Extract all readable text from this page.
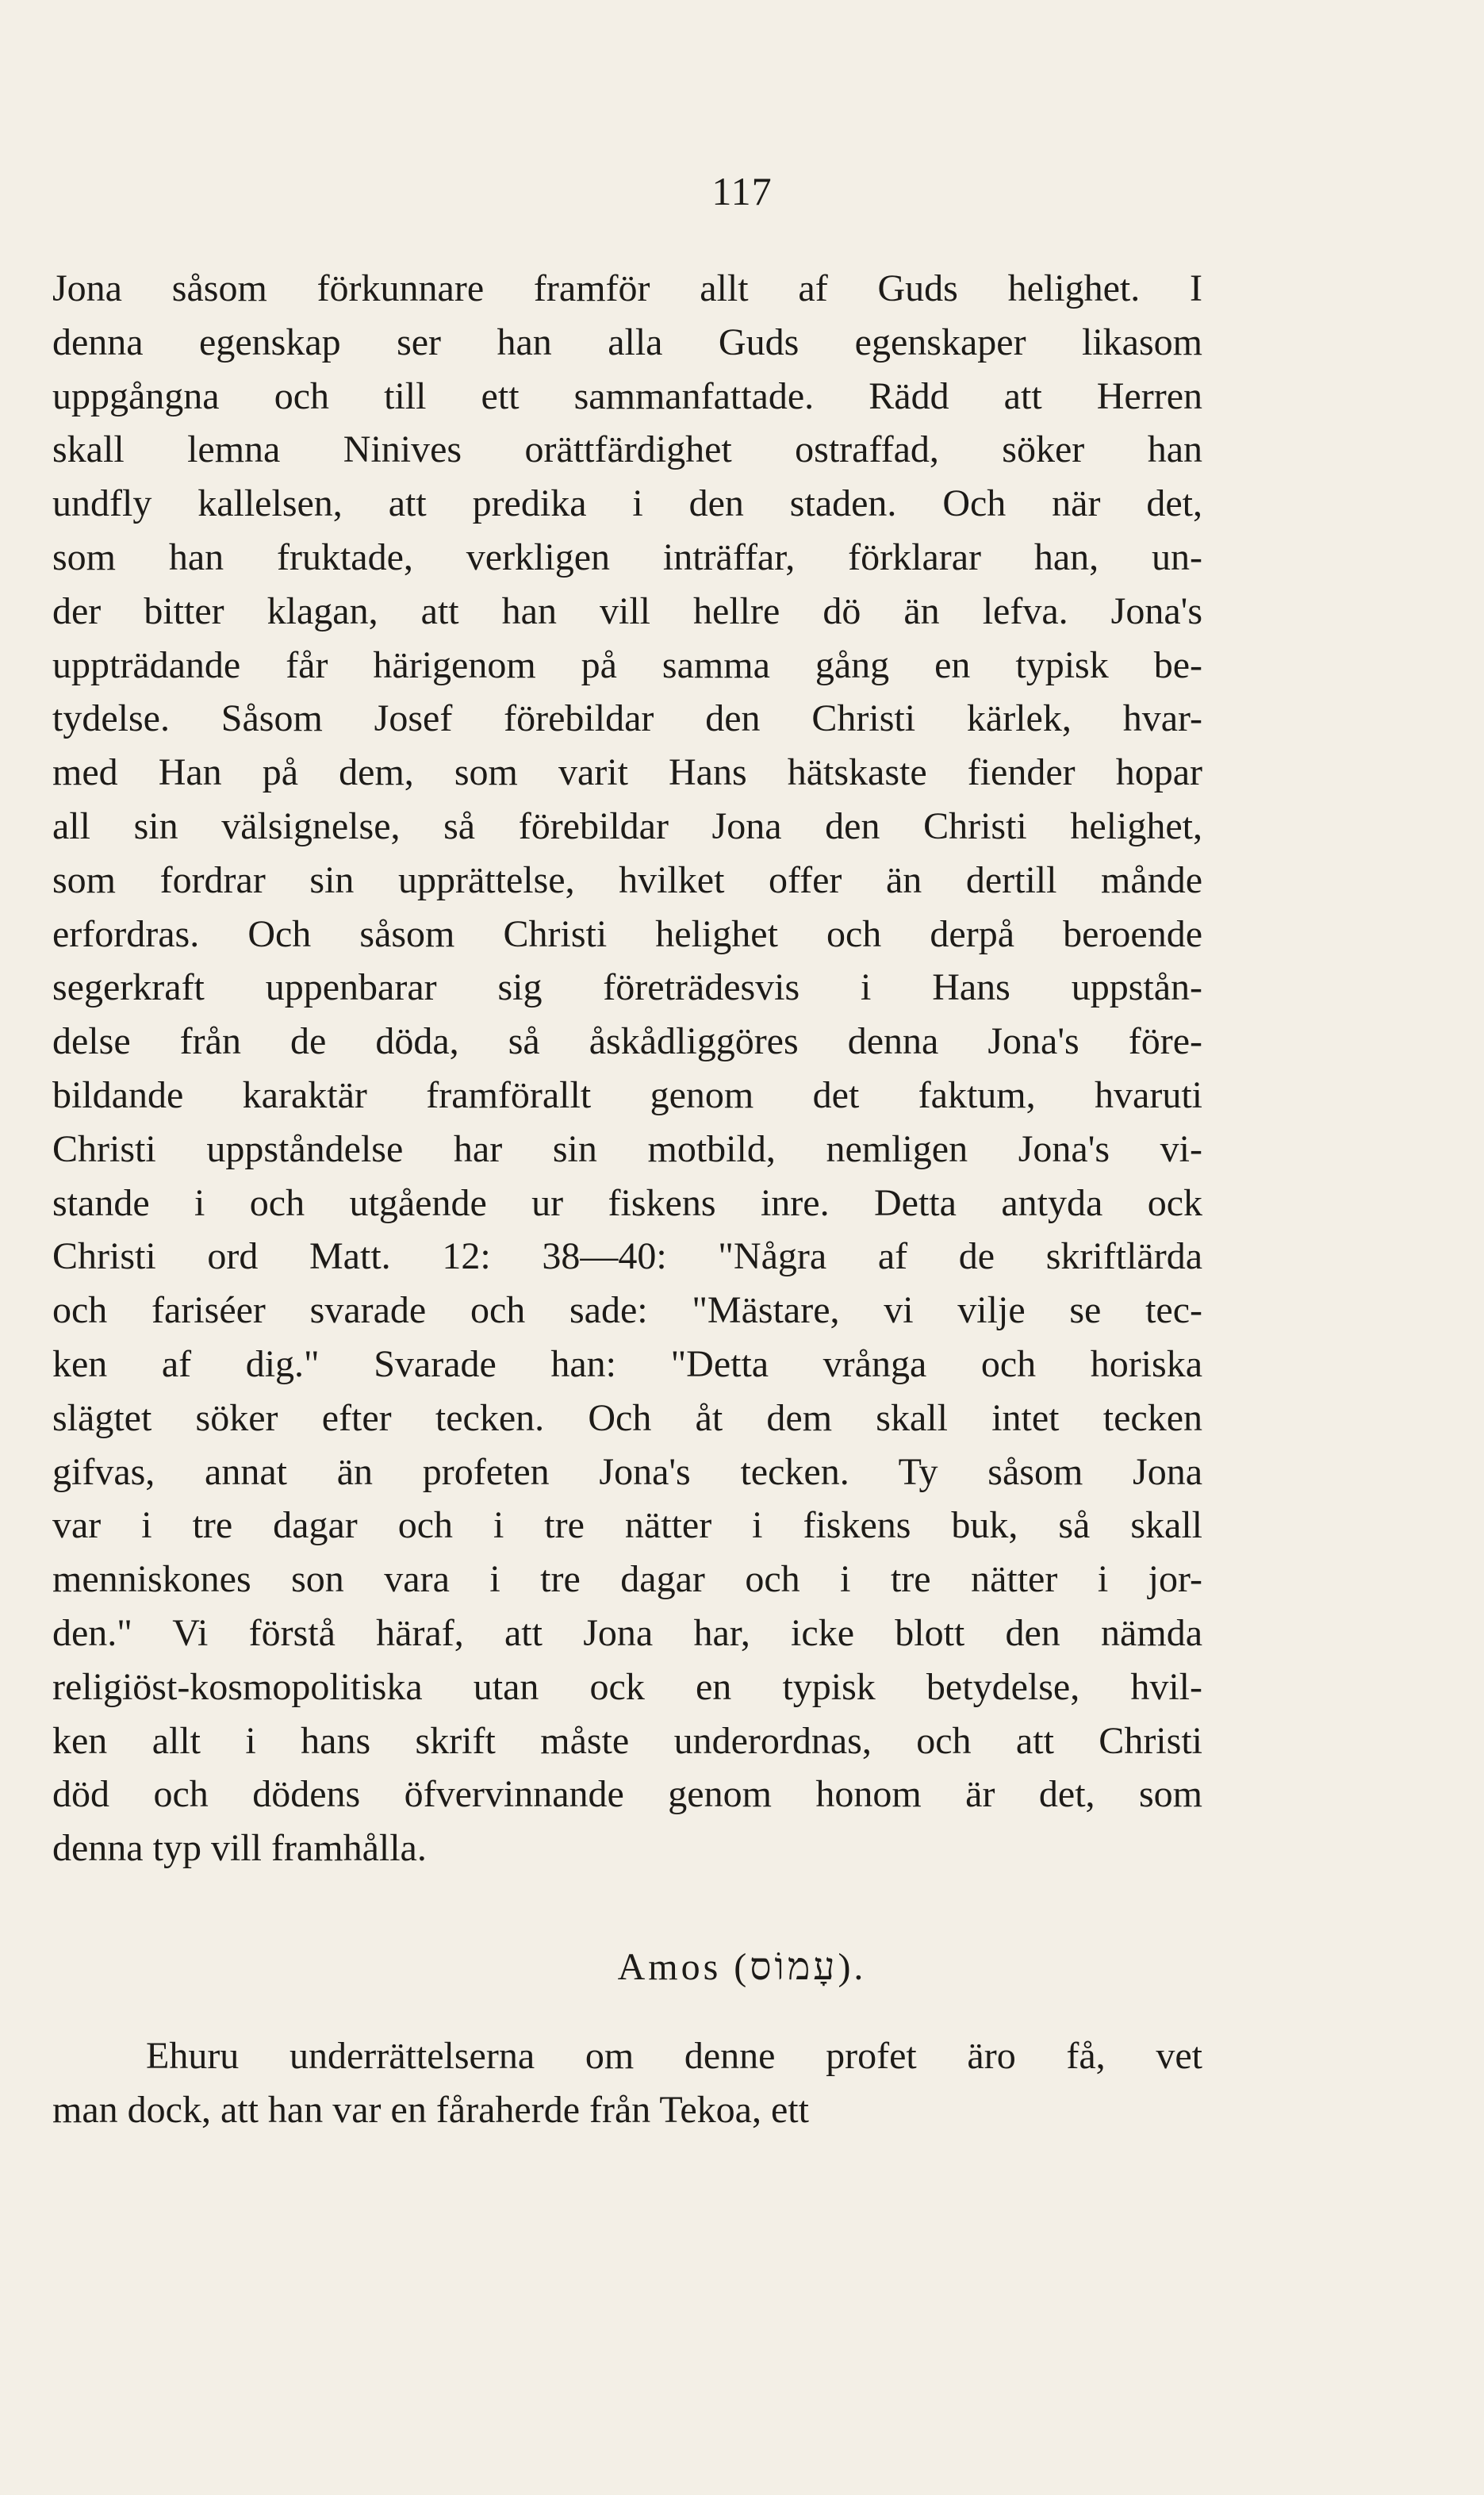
117
Jona såsom förkunnare framför allt af Guds helighet. I
denna egenskap ser han alla Guds egenskaper likasom
uppgångna och till ett sammanfattade. Rädd att Herren
skall lemna Ninives orättfärdighet ostraffad, söker han
undfly kallelsen, att predika i den staden. Och när det,
som han fruktade, verkligen inträffar, förklarar han, un-
der bitter klagan, att han vill hellre dö än lefva. Jona's
uppträdande får härigenom på samma gång en typisk be-
tydelse. Såsom Josef förebildar den Christi kärlek, hvar-
med Han på dem, som varit Hans hätskaste fiender hopar
all sin välsignelse, så förebildar Jona den Christi helighet,
som fordrar sin upprättelse, hvilket offer än dertill månde
erfordras. Och såsom Christi helighet och derpå beroende
segerkraft uppenbarar sig företrädesvis i Hans uppstån-
delse från de döda, så åskådliggöres denna Jona's före-
bildande karaktär framförallt genom det faktum, hvaruti
Christi uppståndelse har sin motbild, nemligen Jona's vi-
stande i och utgående ur fiskens inre. Detta antyda ock
Christi ord Matt. 12: 38—40: "Några af de skriftlärda
och fariséer svarade och sade: "Mästare, vi vilje se tec-
ken af dig." Svarade han: "Detta vrånga och horiska
slägtet söker efter tecken. Och åt dem skall intet tecken
gifvas, annat än profeten Jona's tecken. Ty såsom Jona
var i tre dagar och i tre nätter i fiskens buk, så skall
menniskones son vara i tre dagar och i tre nätter i jor-
den." Vi förstå häraf, att Jona har, icke blott den nämda
religiöst-kosmopolitiska utan ock en typisk betydelse, hvil-
ken allt i hans skrift måste underordnas, och att Christi
död och dödens öfvervinnande genom honom är det, som
denna typ vill framhålla.
Amos (עָמוֹס).
Ehuru underrättelserna om denne profet äro få, vet
man dock, att han var en fåraherde från Tekoa, ett
